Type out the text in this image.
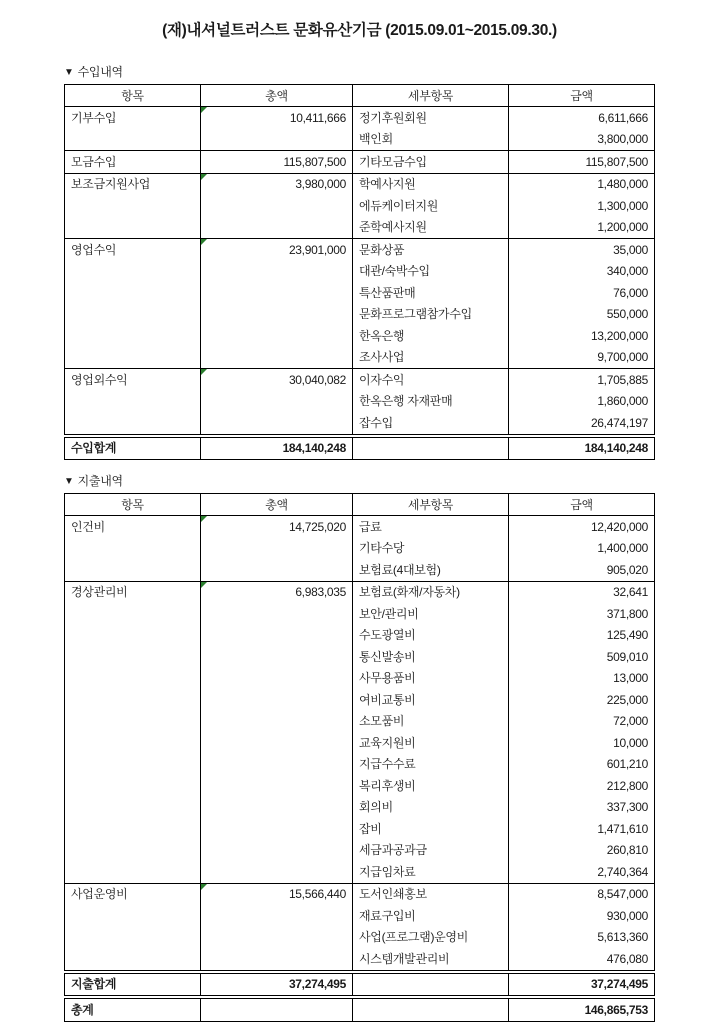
(재)내셔널트러스트 문화유산기금 (2015.09.01~2015.09.30.)
▼ 수입내역
항목	총액	세부항목	금액
기부수입	10,411,666	정기후원회원	6,611,666
		백인회	3,800,000
모금수입	115,807,500	기타모금수입	115,807,500
보조금지원사업	3,980,000	학예사지원	1,480,000
		에듀케이터지원	1,300,000
		준학예사지원	1,200,000
영업수익	23,901,000	문화상품	35,000
		대관/숙박수입	340,000
		특산품판매	76,000
		문화프로그램참가수입	550,000
		한옥은행	13,200,000
		조사사업	9,700,000
영업외수익	30,040,082	이자수익	1,705,885
		한옥은행 자재판매	1,860,000
		잡수입	26,474,197
수입합계	184,140,248		184,140,248
▼ 지출내역
항목	총액	세부항목	금액
인건비	14,725,020	급료	12,420,000
		기타수당	1,400,000
		보험료(4대보험)	905,020
경상관리비	6,983,035	보험료(화재/자동차)	32,641
		보안/관리비	371,800
		수도광열비	125,490
		통신발송비	509,010
		사무용품비	13,000
		여비교통비	225,000
		소모품비	72,000
		교육지원비	10,000
		지급수수료	601,210
		복리후생비	212,800
		회의비	337,300
		잡비	1,471,610
		세금과공과금	260,810
		지급임차료	2,740,364
사업운영비	15,566,440	도서인쇄홍보	8,547,000
		재료구입비	930,000
		사업(프로그램)운영비	5,613,360
		시스템개발관리비	476,080
지출합계	37,274,495		37,274,495
총계			146,865,753
